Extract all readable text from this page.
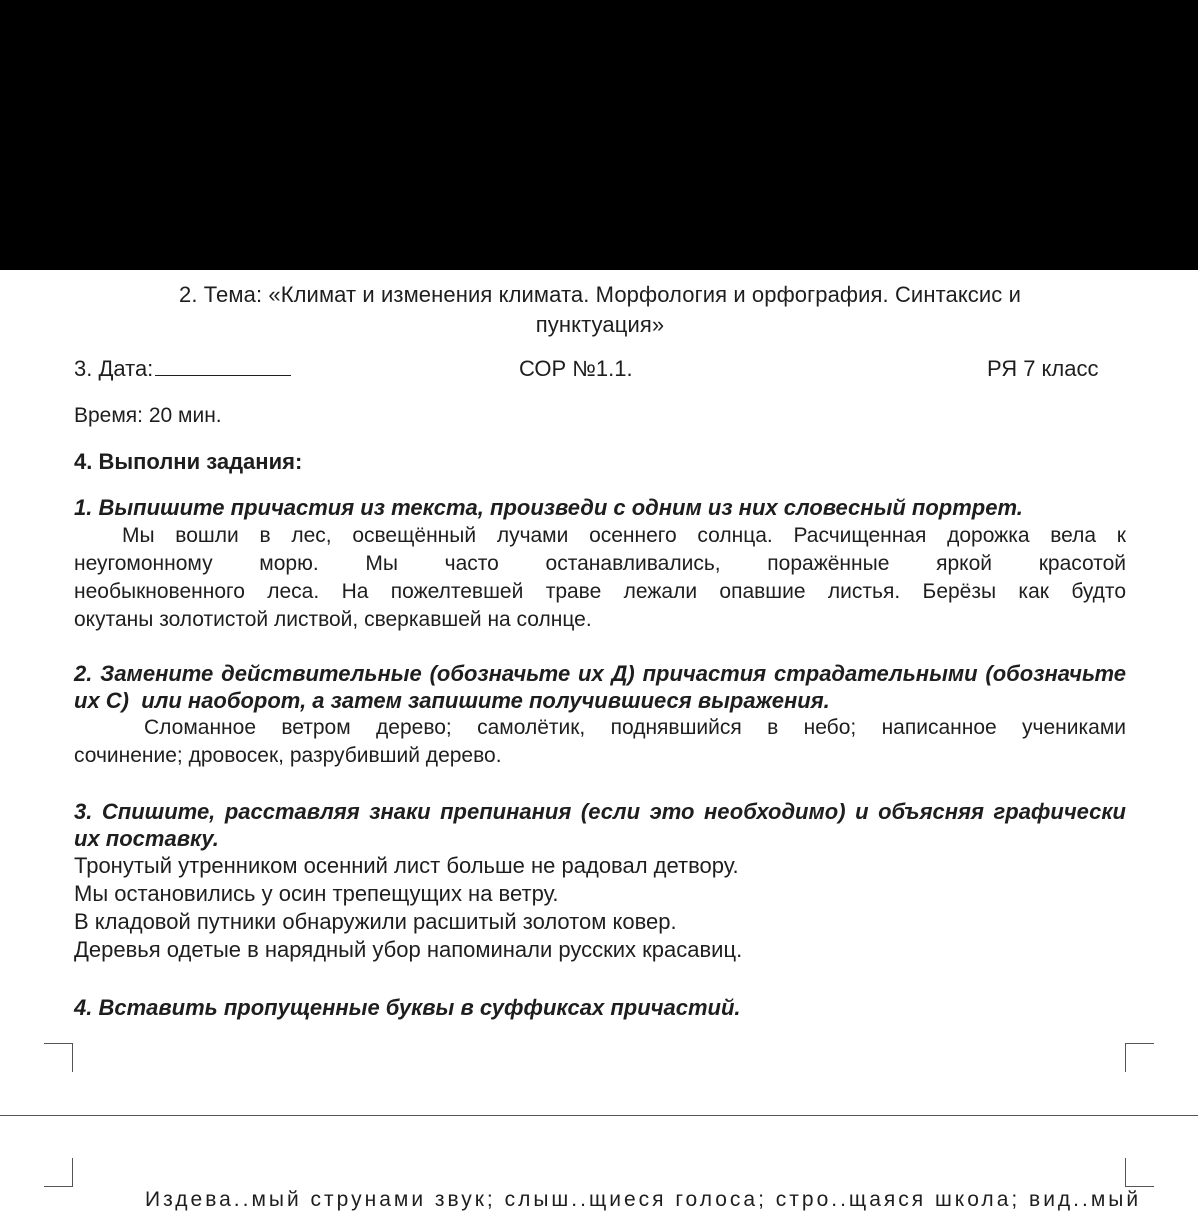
2. Тема: «Климат и изменения климата. Морфология и орфография. Синтаксис и
пунктуация»
3. Дата:	СОР №1.1.	РЯ 7 класс
Время: 20 мин.
4. Выполни задания:
1. Выпишите причастия из текста, произведи с одним из них словесный портрет.
Мы вошли в лес, освещённый лучами осеннего солнца. Расчищенная дорожка вела к
неугомонному морю. Мы часто останавливались, поражённые яркой красотой
необыкновенного леса. На пожелтевшей траве лежали опавшие листья. Берёзы как будто
окутаны золотистой листвой, сверкавшей на солнце.
2. Замените действительные (обозначьте их Д) причастия страдательными (обозначьте
их С)  или наоборот, а затем запишите получившиеся выражения.
Сломанное ветром дерево; самолётик, поднявшийся в небо; написанное учениками
сочинение; дровосек, разрубивший дерево.
3. Спишите, расставляя знаки препинания (если это необходимо) и объясняя графически
их поставку.
Тронутый утренником осенний лист больше не радовал детвору.
Мы остановились у осин трепещущих на ветру.
В кладовой путники обнаружили расшитый золотом ковер.
Деревья одетые в нарядный убор напоминали русских красавиц.
4. Вставить пропущенные буквы в суффиксах причастий.
Издева..мый струнами звук; слыш..щиеся голоса; стро..щаяся школа; вид..мый
